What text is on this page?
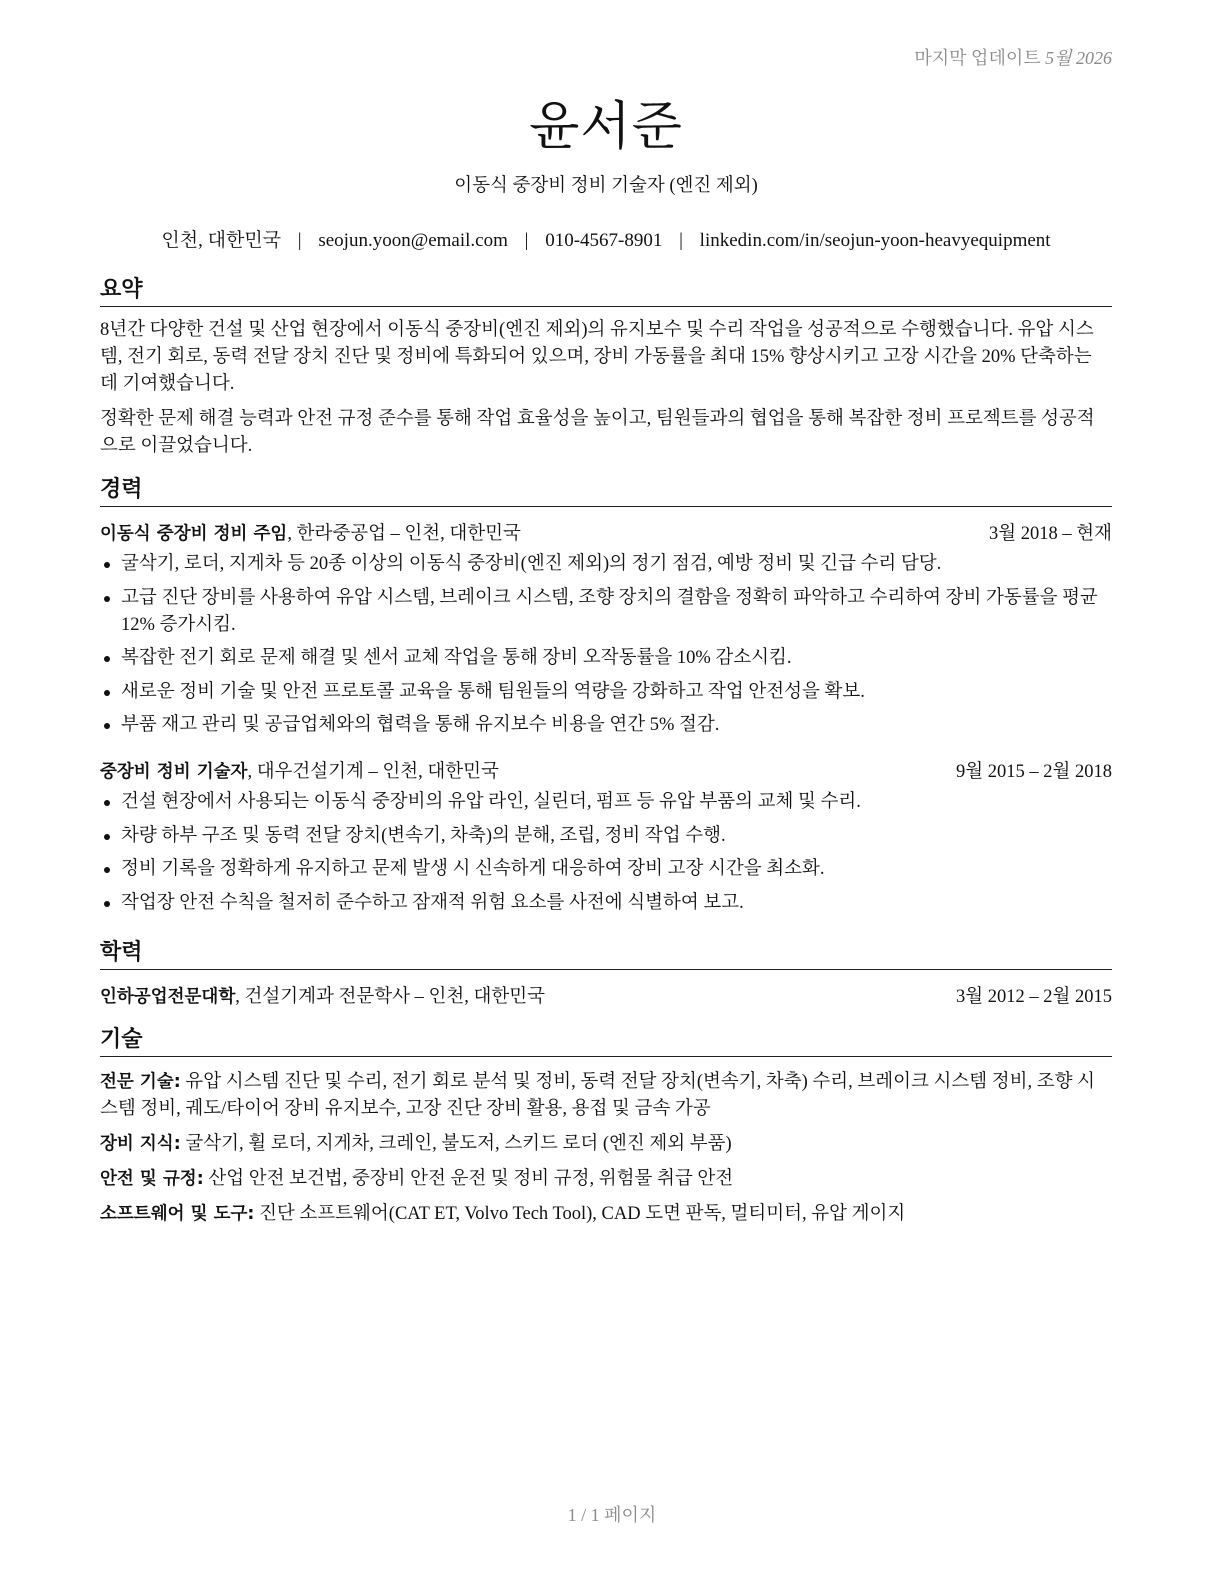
마지막 업데이트 5월 2026
윤서준
이동식 중장비 정비 기술자 (엔진 제외)
인천, 대한민국 | seojun.yoon@email.com | 010-4567-8901 | linkedin.com/in/seojun-yoon-heavyequipment
요약

8년간 다양한 건설 및 산업 현장에서 이동식 중장비(엔진 제외)의 유지보수 및 수리 작업을 성공적으로 수행했습니다. 유압 시스템, 전기 회로, 동력 전달 장치 진단 및 정비에 특화되어 있으며, 장비 가동률을 최대 15% 향상시키고 고장 시간을 20% 단축하는 데 기여했습니다.

정확한 문제 해결 능력과 안전 규정 준수를 통해 작업 효율성을 높이고, 팀원들과의 협업을 통해 복잡한 정비 프로젝트를 성공적으로 이끌었습니다.

경력
이동식 중장비 정비 주임, 한라중공업 – 인천, 대한민국	3월 2018 – 현재
굴삭기, 로더, 지게차 등 20종 이상의 이동식 중장비(엔진 제외)의 정기 점검, 예방 정비 및 긴급 수리 담당.
고급 진단 장비를 사용하여 유압 시스템, 브레이크 시스템, 조향 장치의 결함을 정확히 파악하고 수리하여 장비 가동률을 평균 12% 증가시킴.
복잡한 전기 회로 문제 해결 및 센서 교체 작업을 통해 장비 오작동률을 10% 감소시킴.
새로운 정비 기술 및 안전 프로토콜 교육을 통해 팀원들의 역량을 강화하고 작업 안전성을 확보.
부품 재고 관리 및 공급업체와의 협력을 통해 유지보수 비용을 연간 5% 절감.
중장비 정비 기술자, 대우건설기계 – 인천, 대한민국	9월 2015 – 2월 2018
건설 현장에서 사용되는 이동식 중장비의 유압 라인, 실린더, 펌프 등 유압 부품의 교체 및 수리.
차량 하부 구조 및 동력 전달 장치(변속기, 차축)의 분해, 조립, 정비 작업 수행.
정비 기록을 정확하게 유지하고 문제 발생 시 신속하게 대응하여 장비 고장 시간을 최소화.
작업장 안전 수칙을 철저히 준수하고 잠재적 위험 요소를 사전에 식별하여 보고.
학력
인하공업전문대학, 건설기계과 전문학사 – 인천, 대한민국	3월 2012 – 2월 2015
기술
전문 기술: 유압 시스템 진단 및 수리, 전기 회로 분석 및 정비, 동력 전달 장치(변속기, 차축) 수리, 브레이크 시스템 정비, 조향 시스템 정비, 궤도/타이어 장비 유지보수, 고장 진단 장비 활용, 용접 및 금속 가공
장비 지식: 굴삭기, 휠 로더, 지게차, 크레인, 불도저, 스키드 로더 (엔진 제외 부품)
안전 및 규정: 산업 안전 보건법, 중장비 안전 운전 및 정비 규정, 위험물 취급 안전
소프트웨어 및 도구: 진단 소프트웨어(CAT ET, Volvo Tech Tool), CAD 도면 판독, 멀티미터, 유압 게이지
1 / 1 페이지
